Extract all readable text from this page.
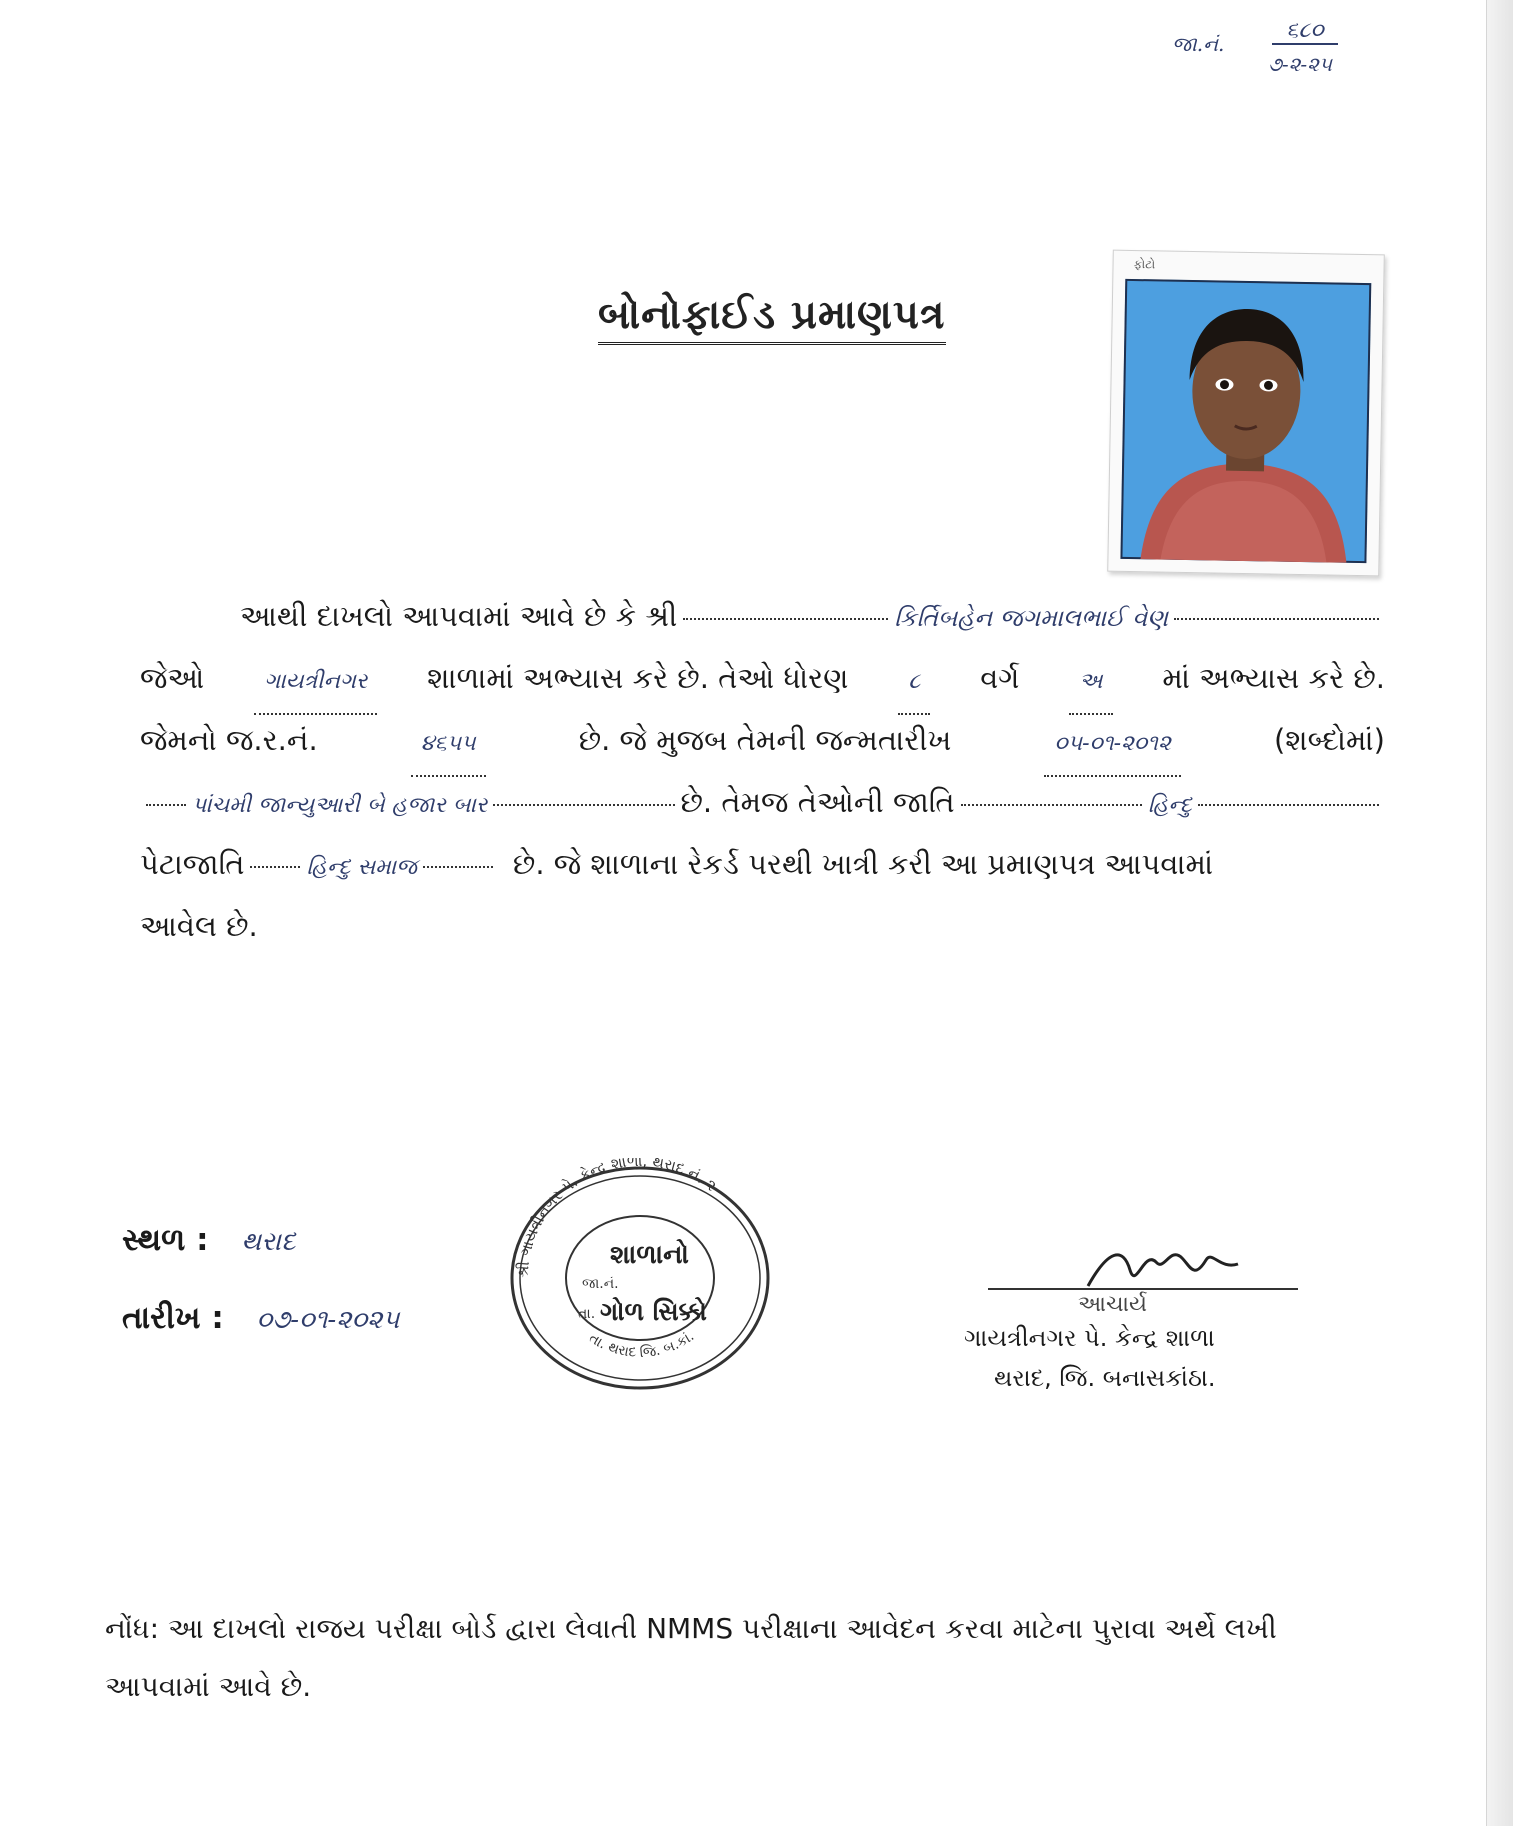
જા.નં.
૬૮૦
૭-૨-૨૫
બોનોફાઈડ પ્રમાણપત્ર
ફોટો
આથી દાખલો આપવામાં આવે છે કે શ્રી	કિર્તિબહેન જગમાલભાઈ વેણ
જેઓ	ગાયત્રીનગર	શાળામાં અભ્યાસ કરે છે. તેઓ ધોરણ	૮	વર્ગ	અ	માં અભ્યાસ કરે છે.
જેમનો જ.ર.નં.	૪૬૫૫	છે. જે મુજબ તેમની જન્મતારીખ	૦૫-૦૧-૨૦૧૨	(શબ્દોમાં)
પાંચમી જાન્યુઆરી બે હજાર બાર	છે. તેમજ તેઓની જાતિ	હિન્દુ
પેટાજાતિ	હિન્દુ સમાજ	છે. જે શાળાના રેકર્ડ પરથી ખાત્રી કરી આ પ્રમાણપત્ર આપવામાં
આવેલ છે.
સ્થળ : થરાદ
તારીખ : ૦૭-૦૧-૨૦૨૫
શ્રી ગાયત્રીનગર પે. કેન્દ્ર શાળા, થરાદ નં. ૨
તા. થરાદ જિ. બ.કાં.
શાળાનો
જા.નં.
તા. ગોળ સિક્કો	આચાર્ય
ગાયત્રીનગર પે. કેન્દ્ર શાળા
થરાદ, જિ. બનાસકાંઠા.
નોંધ: આ દાખલો રાજય પરીક્ષા બોર્ડ દ્વારા લેવાતી NMMS પરીક્ષાના આવેદન કરવા માટેના પુરાવા અર્થે લખી આપવામાં આવે છે.
